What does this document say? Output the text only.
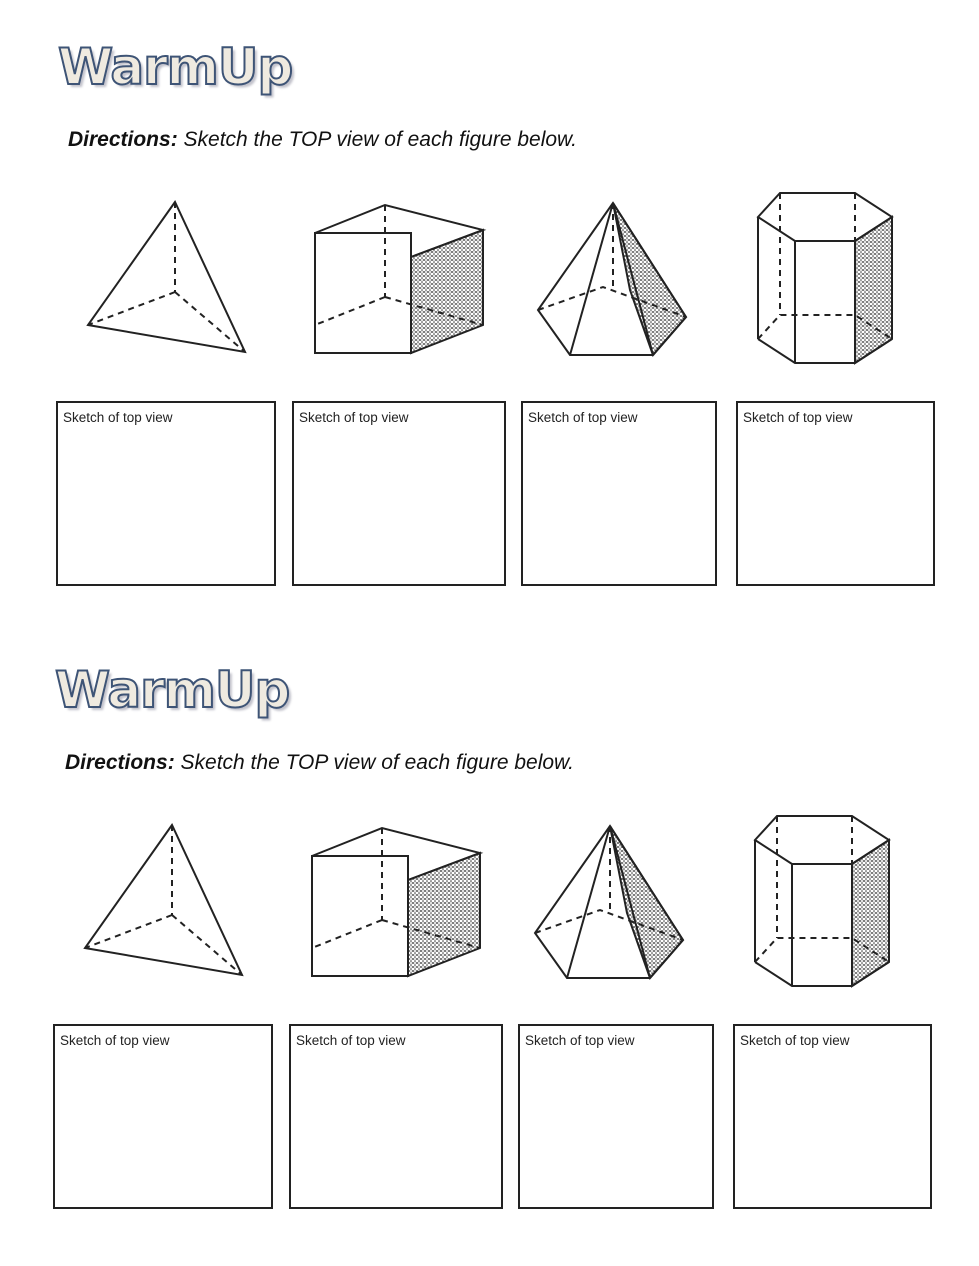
WarmUp
Directions: Sketch the TOP view of each figure below.
Sketch of top view	Sketch of top view	Sketch of top view	Sketch of top view
WarmUp
Directions: Sketch the TOP view of each figure below.
Sketch of top view	Sketch of top view	Sketch of top view	Sketch of top view
